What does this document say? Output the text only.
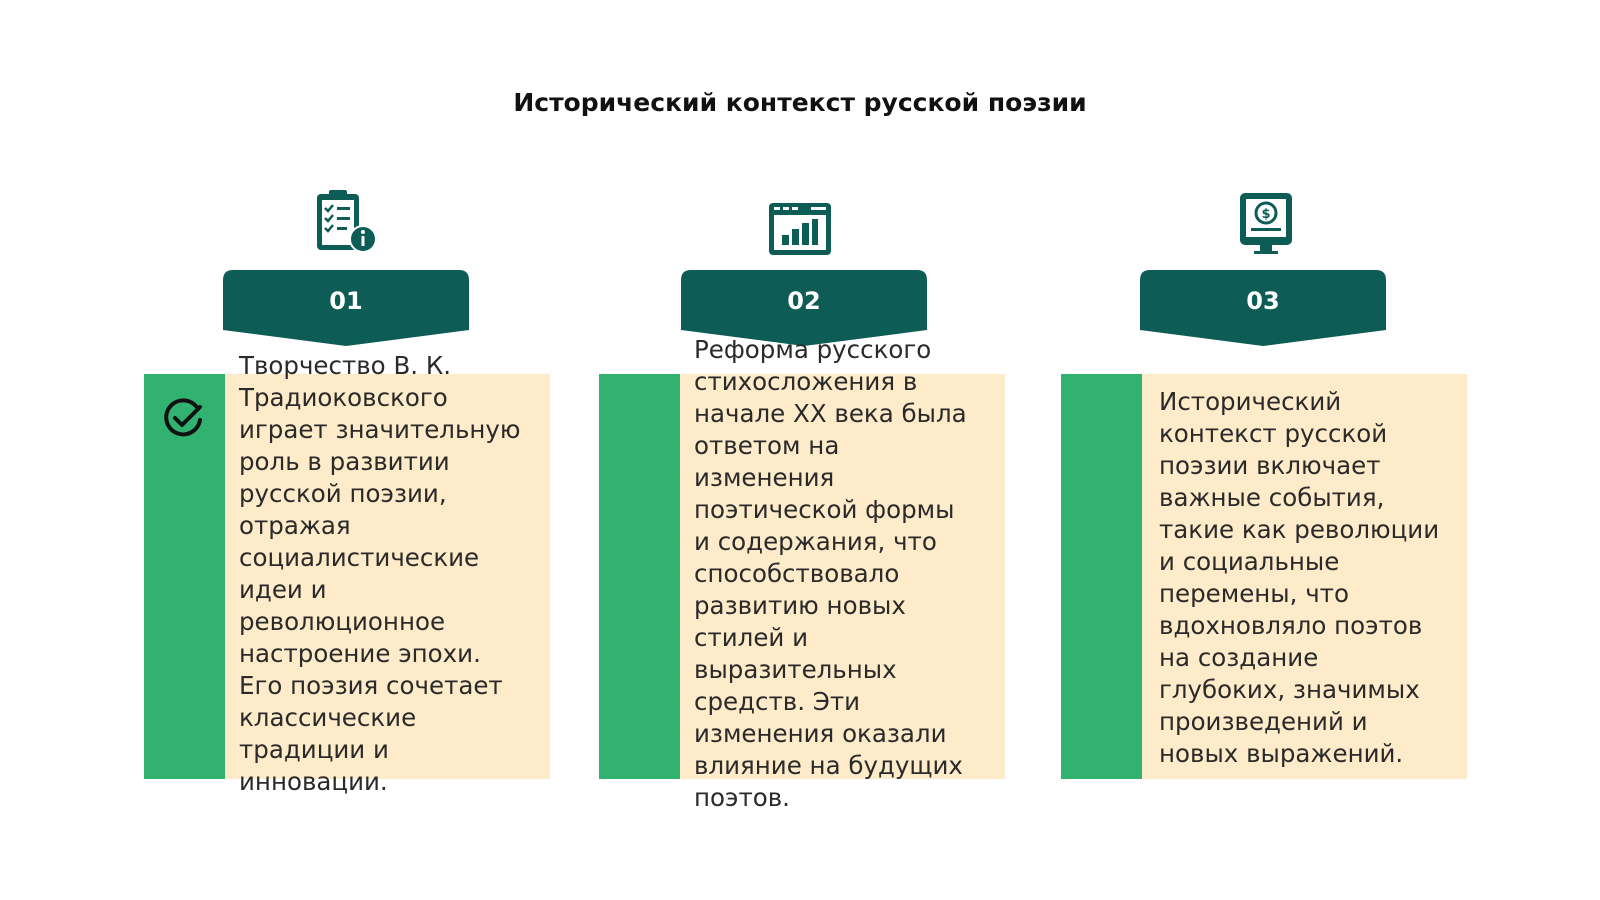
Исторический контекст русской поэзии
01
Творчество В. К.
Традиоковского
играет значительную
роль в развитии
русской поэзии,
отражая
социалистические
идеи и
революционное
настроение эпохи.
Его поэзия сочетает
классические
традиции и
инновации.
02
Реформа русского
стихосложения в
начале XX века была
ответом на
изменения
поэтической формы
и содержания, что
способствовало
развитию новых
стилей и
выразительных
средств. Эти
изменения оказали
влияние на будущих
поэтов.
$
03
Исторический
контекст русской
поэзии включает
важные события,
такие как революции
и социальные
перемены, что
вдохновляло поэтов
на создание
глубоких, значимых
произведений и
новых выражений.
